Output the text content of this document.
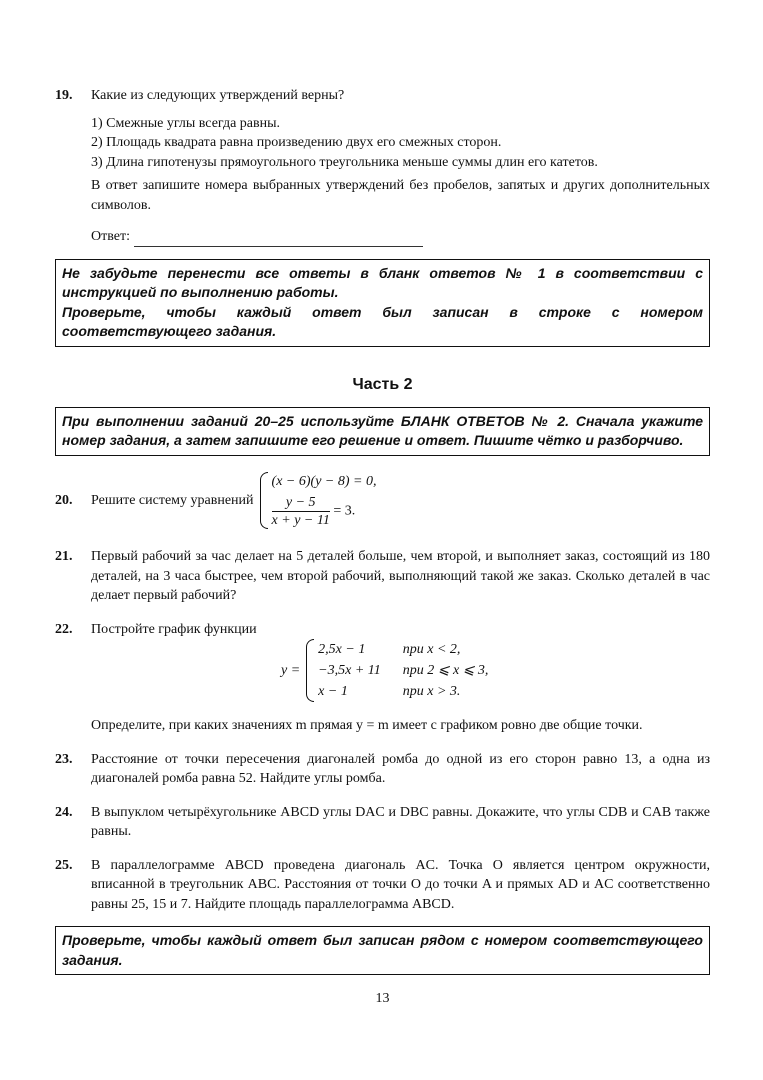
19.	Какие из следующих утверждений верны?
1) Смежные углы всегда равны.
2) Площадь квадрата равна произведению двух его смежных сторон.
3) Длина гипотенузы прямоугольного треугольника меньше суммы длин его катетов.
В ответ запишите номера выбранных утверждений без пробелов, запятых и других дополнительных символов.
Ответ:
Не забудьте перенести все ответы в бланк ответов № 1 в соответствии с инструкцией по выполнению работы.
Проверьте, чтобы каждый ответ был записан в строке с номером соответствующего задания.
Часть 2
При выполнении заданий 20–25 используйте БЛАНК ОТВЕТОВ № 2. Сначала укажите номер задания, а затем запишите его решение и ответ. Пишите чётко и разборчиво.
20.	Решите систему уравнений
(x − 6)(y − 8) = 0,
$\frac{y - 5}{x + y - 11} = 3$.
21.	Первый рабочий за час делает на 5 деталей больше, чем второй, и выполняет заказ, состоящий из 180 деталей, на 3 часа быстрее, чем второй рабочий, выполняющий такой же заказ. Сколько деталей в час делает первый рабочий?
22.	Постройте график функции
y =
2,5x − 1	при x < 2,
−3,5x + 11 при 2 ⩽ x ⩽ 3,
x − 1	при x > 3.
Определите, при каких значениях m прямая y = m имеет с графиком ровно две общие точки.
23.	Расстояние от точки пересечения диагоналей ромба до одной из его сторон равно 13, а одна из диагоналей ромба равна 52. Найдите углы ромба.
24.	В выпуклом четырёхугольнике ABCD углы DAC и DBC равны. Докажите, что углы CDB и CAB также равны.
25.	В параллелограмме ABCD проведена диагональ AC. Точка O является центром окружности, вписанной в треугольник ABC. Расстояния от точки O до точки A и прямых AD и AC соответственно равны 25, 15 и 7. Найдите площадь параллелограмма ABCD.
Проверьте, чтобы каждый ответ был записан рядом с номером соответствующего задания.
13
